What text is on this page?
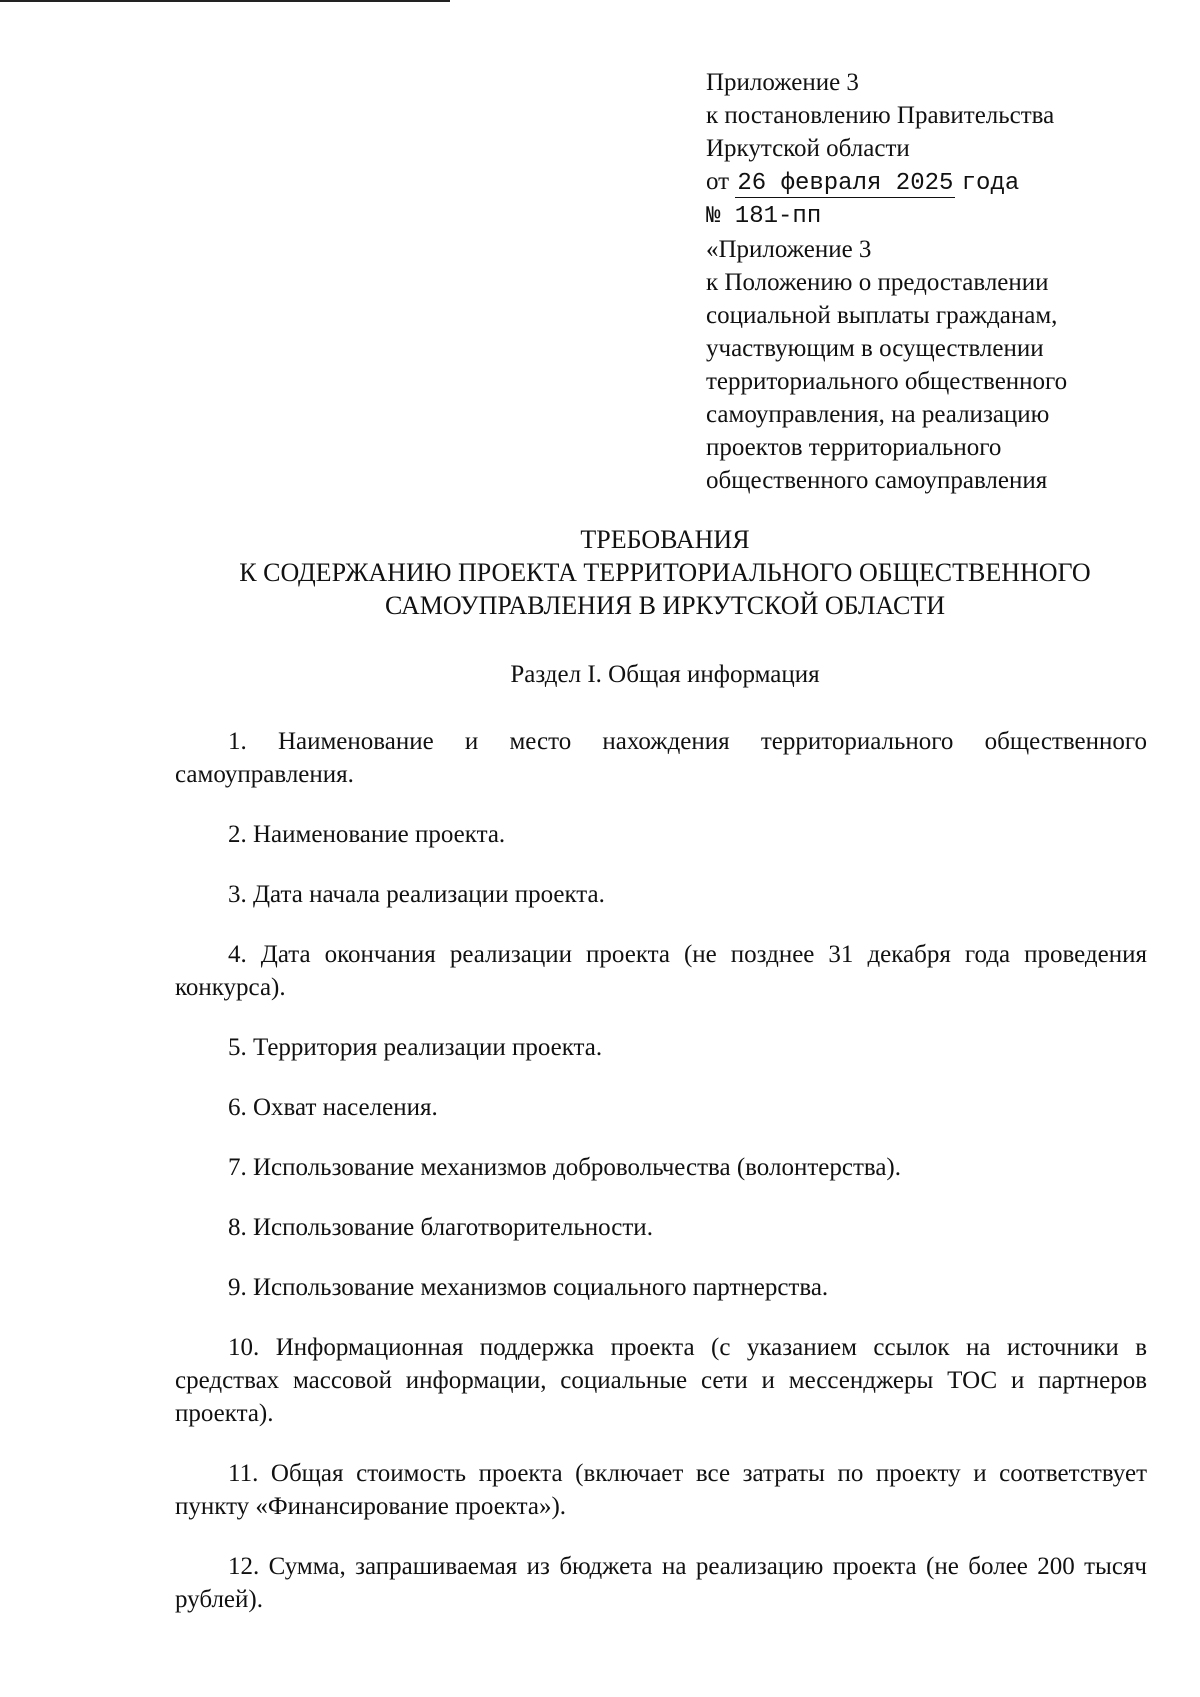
Приложение 3
к постановлению Правительства
Иркутской области
от 26 февраля 2025 года
№ 181-пп
«Приложение 3
к Положению о предоставлении
социальной выплаты гражданам,
участвующим в осуществлении
территориального общественного
самоуправления, на реализацию
проектов территориального
общественного самоуправления
ТРЕБОВАНИЯ
К СОДЕРЖАНИЮ ПРОЕКТА ТЕРРИТОРИАЛЬНОГО ОБЩЕСТВЕННОГО
САМОУПРАВЛЕНИЯ В ИРКУТСКОЙ ОБЛАСТИ
Раздел I. Общая информация

1. Наименование и место нахождения территориального общественного самоуправления.

2. Наименование проекта.

3. Дата начала реализации проекта.

4. Дата окончания реализации проекта (не позднее 31 декабря года проведения конкурса).

5. Территория реализации проекта.

6. Охват населения.

7. Использование механизмов добровольчества (волонтерства).

8. Использование благотворительности.

9. Использование механизмов социального партнерства.

10. Информационная поддержка проекта (с указанием ссылок на источники в средствах массовой информации, социальные сети и мессенджеры ТОС и партнеров проекта).

11. Общая стоимость проекта (включает все затраты по проекту и соответствует пункту «Финансирование проекта»).

12. Сумма, запрашиваемая из бюджета на реализацию проекта (не более 200 тысяч рублей).
